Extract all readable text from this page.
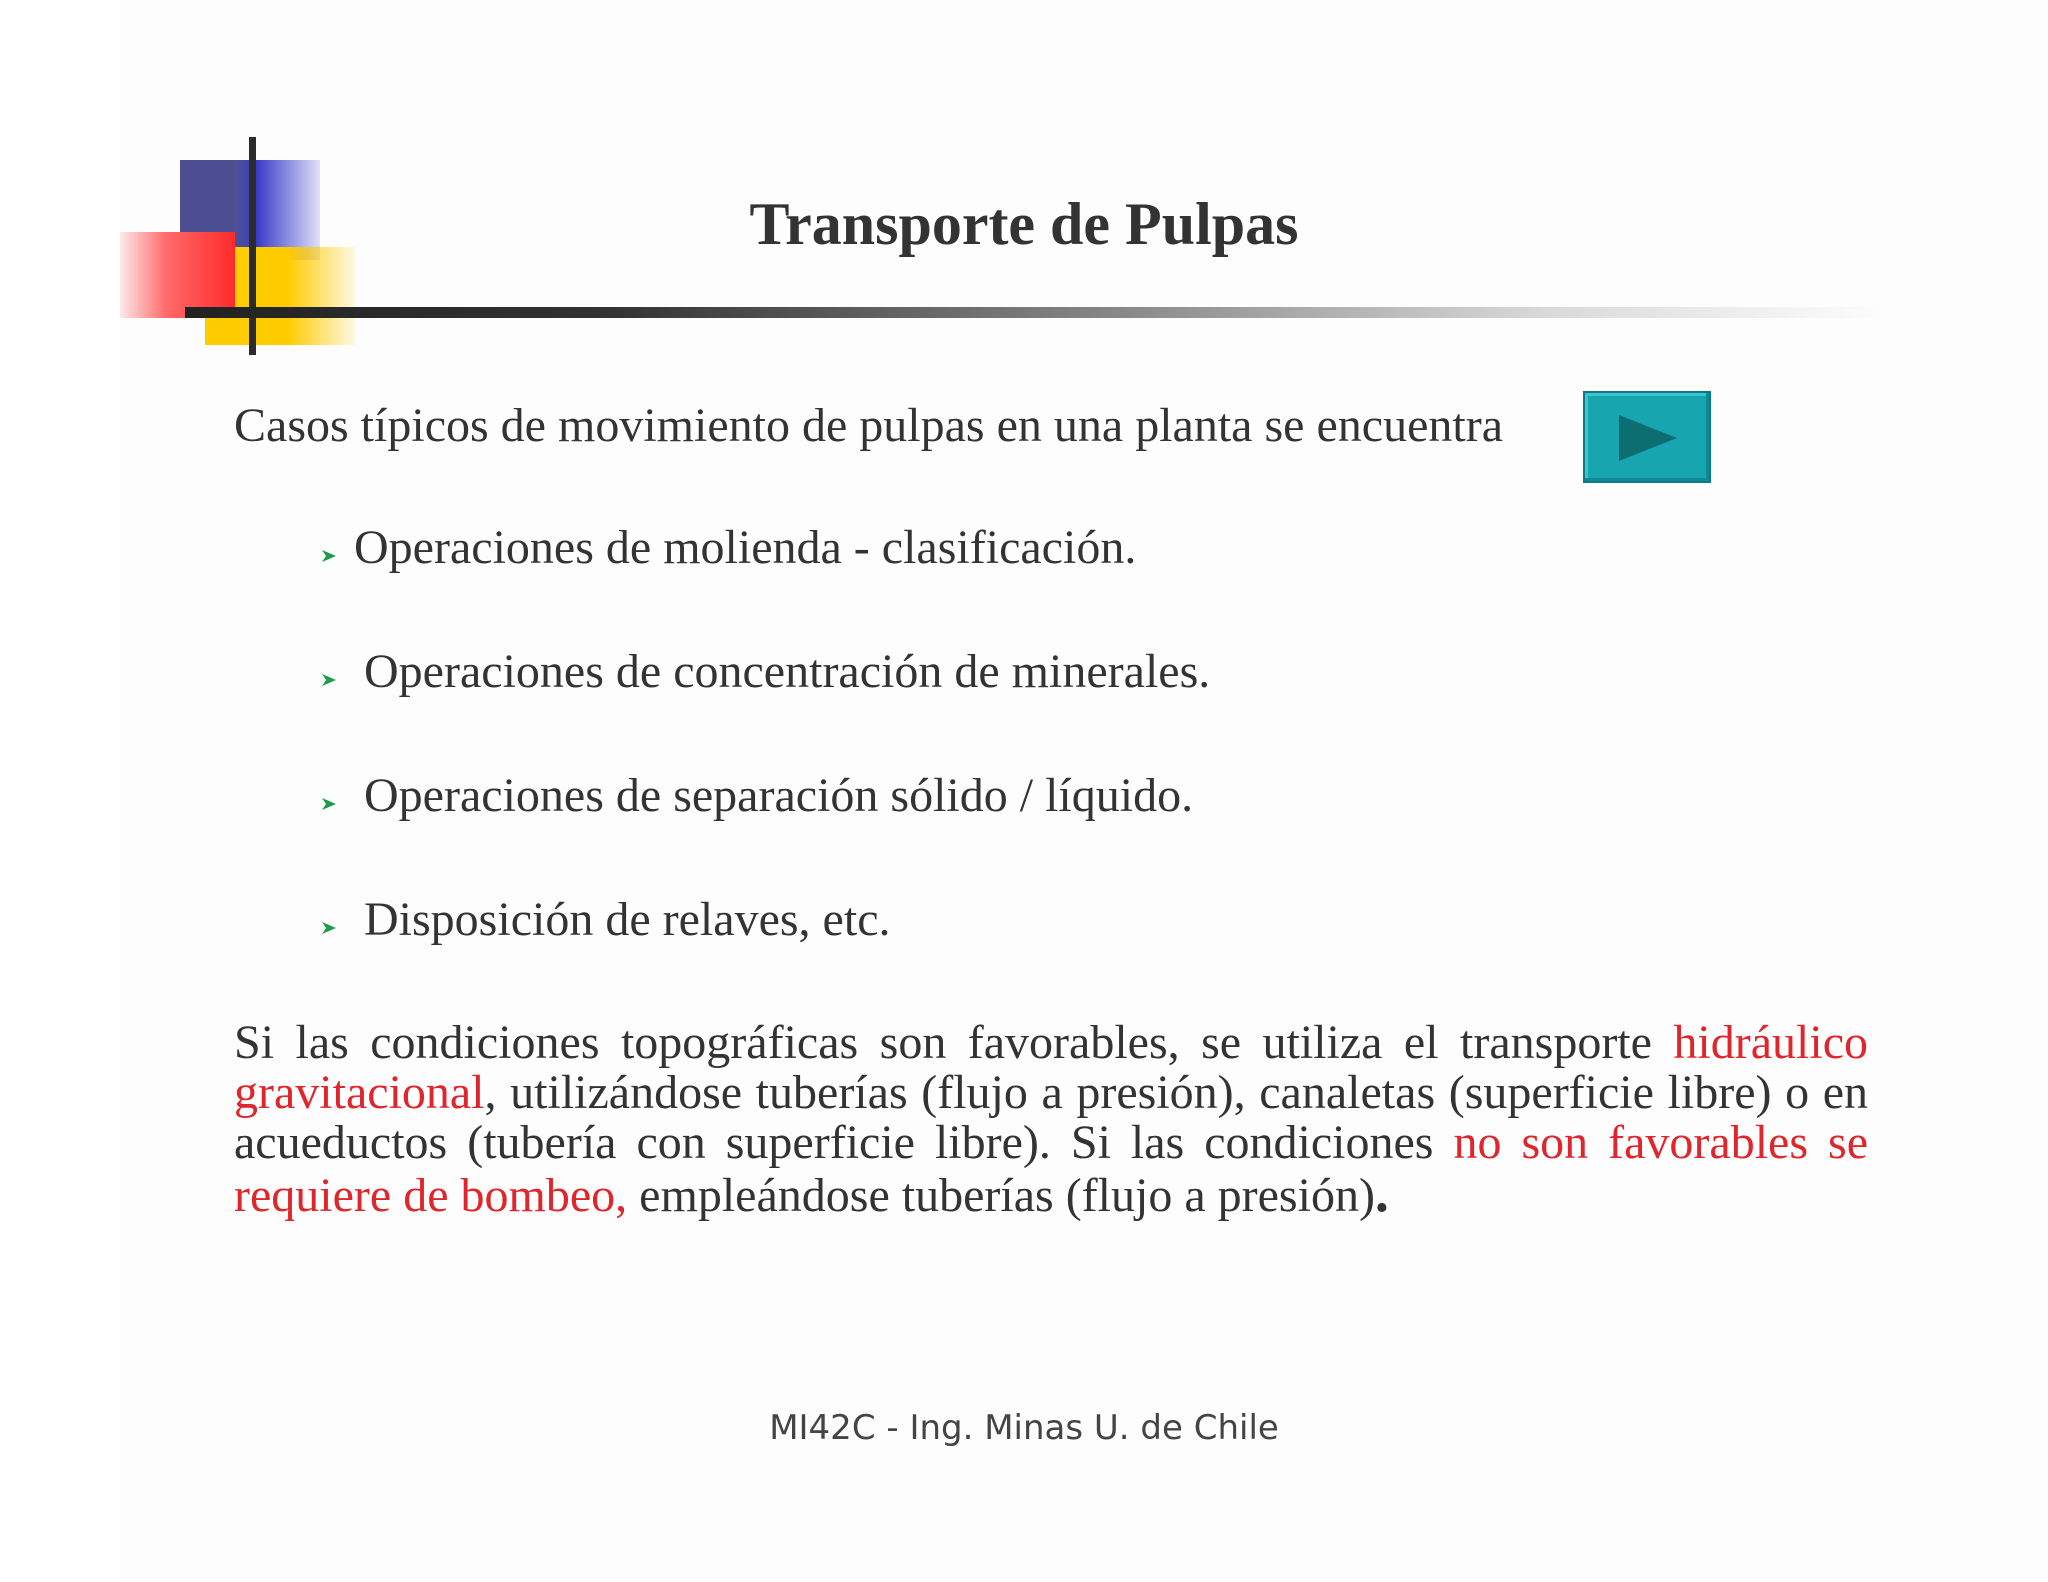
Transporte de Pulpas
Casos típicos de movimiento de pulpas en una planta se encuentra
Operaciones de molienda - clasificación.
Operaciones de concentración de minerales.
Operaciones de separación sólido / líquido.
Disposición de relaves, etc.
Si las condiciones topográficas son favorables, se utiliza el transporte hidráulico gravitacional, utilizándose tuberías (flujo a presión), canaletas (superficie libre) o en acueductos (tubería con superficie libre). Si las condiciones no son favorables se requiere de bombeo, empleándose tuberías (flujo a presión).
MI42C - Ing. Minas U. de Chile
